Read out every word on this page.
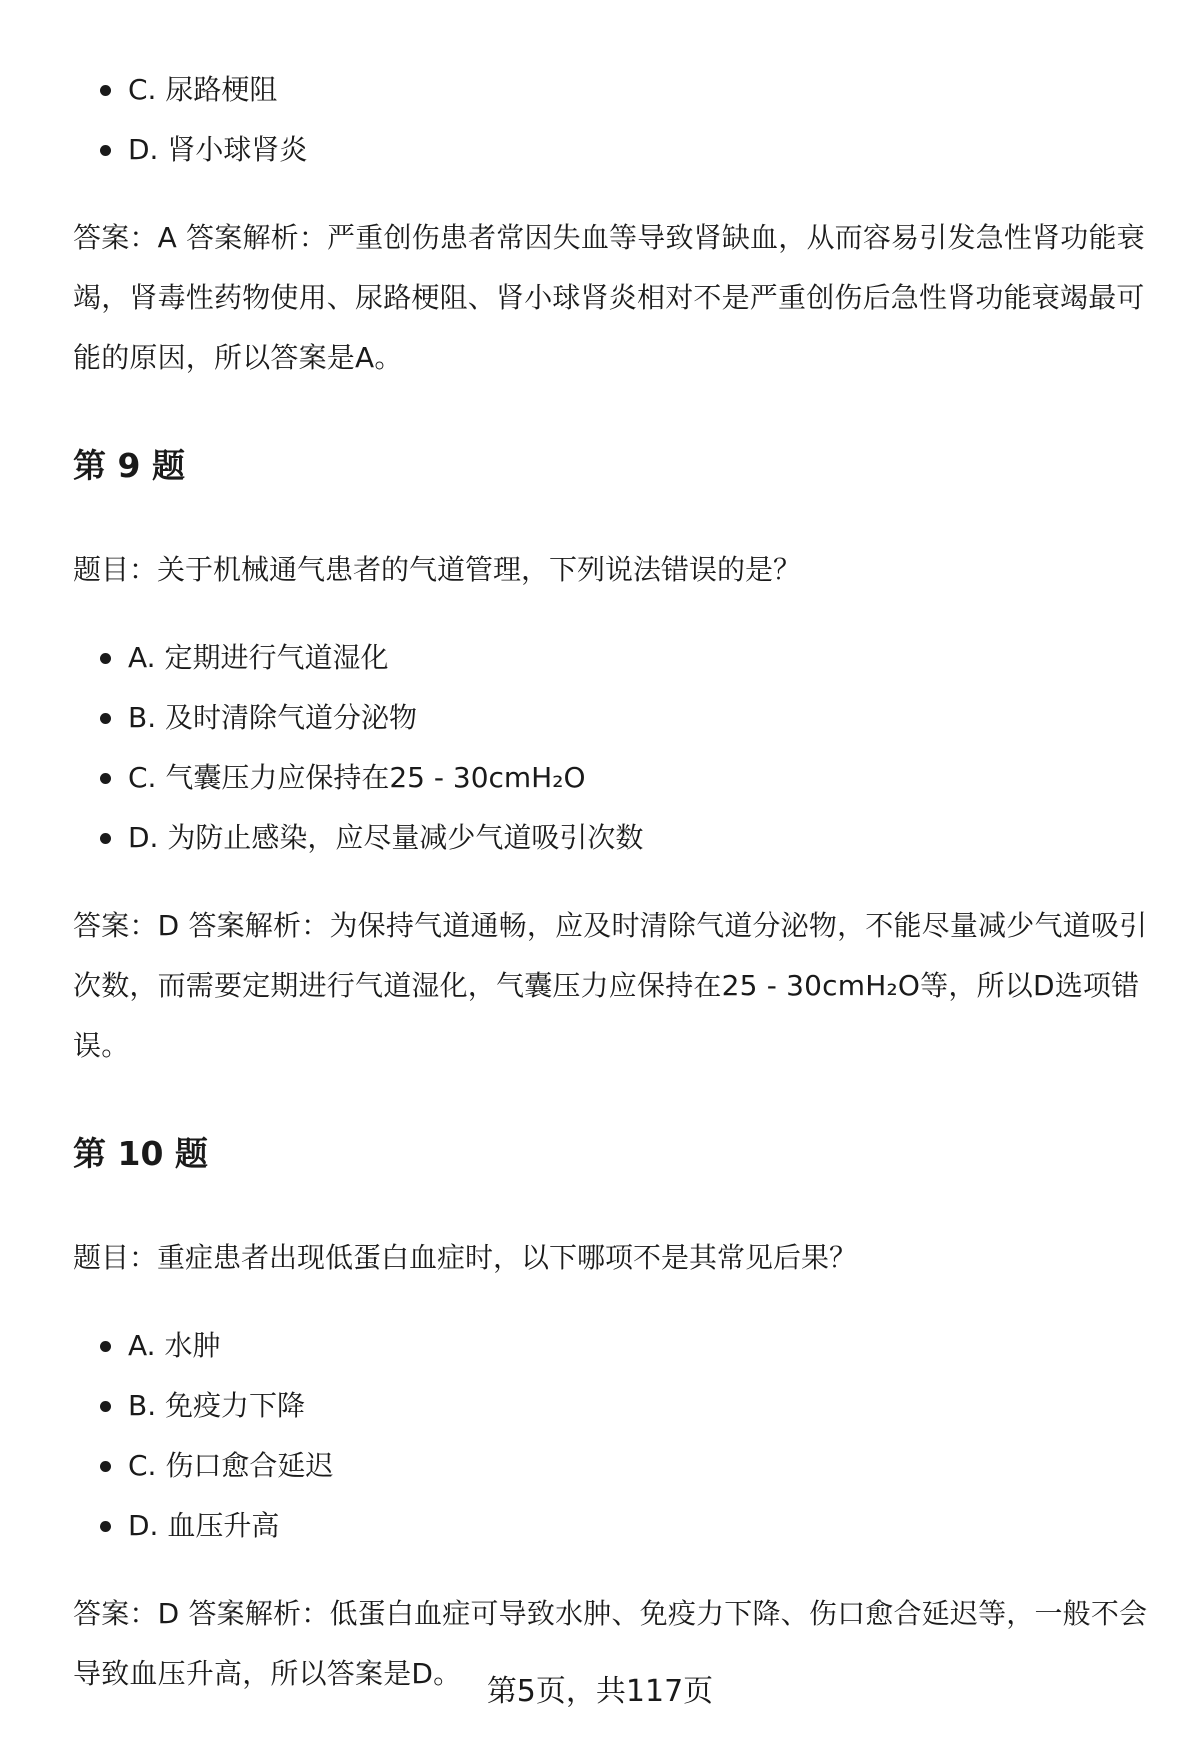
C. 尿路梗阻
D. 肾小球肾炎

答案：A 答案解析：严重创伤患者常因失血等导致肾缺血，从而容易引发急性肾功能衰竭，肾毒性药物使用、尿路梗阻、肾小球肾炎相对不是严重创伤后急性肾功能衰竭最可能的原因，所以答案是A。

第 9 题

题目：关于机械通气患者的气道管理，下列说法错误的是？

A. 定期进行气道湿化
B. 及时清除气道分泌物
C. 气囊压力应保持在25 - 30cmH₂O
D. 为防止感染，应尽量减少气道吸引次数

答案：D 答案解析：为保持气道通畅，应及时清除气道分泌物，不能尽量减少气道吸引次数，而需要定期进行气道湿化，气囊压力应保持在25 - 30cmH₂O等，所以D选项错误。

第 10 题

题目：重症患者出现低蛋白血症时，以下哪项不是其常见后果？

A. 水肿
B. 免疫力下降
C. 伤口愈合延迟
D. 血压升高

答案：D 答案解析：低蛋白血症可导致水肿、免疫力下降、伤口愈合延迟等，一般不会导致血压升高，所以答案是D。

第5页，共117页
